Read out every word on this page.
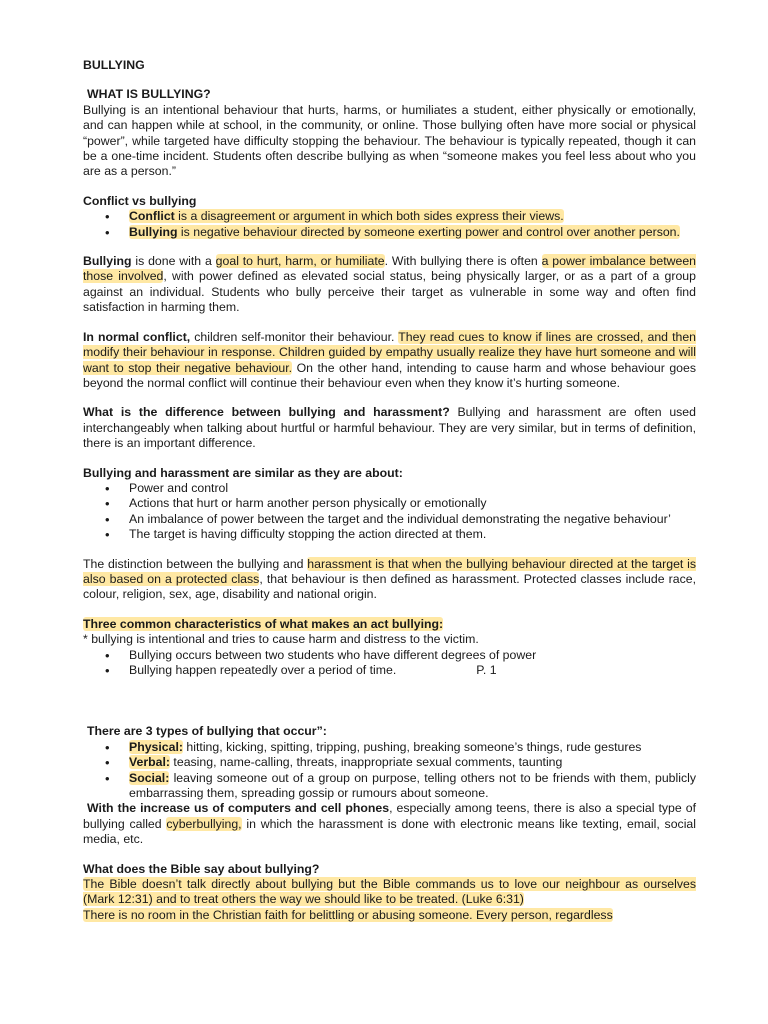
BULLYING

WHAT IS BULLYING?

Bullying is an intentional behaviour that hurts, harms, or humiliates a student, either physically or emotionally, and can happen while at school, in the community, or online. Those bullying often have more social or physical “power”, while targeted have difficulty stopping the behaviour. The behaviour is typically repeated, though it can be a one-time incident. Students often describe bullying as when “someone makes you feel less about who you are as a person.”

Conflict vs bullying

• Conflict is a disagreement or argument in which both sides express their views.
• Bullying is negative behaviour directed by someone exerting power and control over another person.

Bullying is done with a goal to hurt, harm, or humiliate. With bullying there is often a power imbalance between those involved, with power defined as elevated social status, being physically larger, or as a part of a group against an individual. Students who bully perceive their target as vulnerable in some way and often find satisfaction in harming them.

In normal conflict, children self-monitor their behaviour. They read cues to know if lines are crossed, and then modify their behaviour in response. Children guided by empathy usually realize they have hurt someone and will want to stop their negative behaviour. On the other hand, intending to cause harm and whose behaviour goes beyond the normal conflict will continue their behaviour even when they know it’s hurting someone.

What is the difference between bullying and harassment? Bullying and harassment are often used interchangeably when talking about hurtful or harmful behaviour. They are very similar, but in terms of definition, there is an important difference.

Bullying and harassment are similar as they are about:

• Power and control
• Actions that hurt or harm another person physically or emotionally
• An imbalance of power between the target and the individual demonstrating the negative behaviour’
• The target is having difficulty stopping the action directed at them.

The distinction between the bullying and harassment is that when the bullying behaviour directed at the target is also based on a protected class, that behaviour is then defined as harassment. Protected classes include race, colour, religion, sex, age, disability and national origin.

Three common characteristics of what makes an act bullying:

* bullying is intentional and tries to cause harm and distress to the victim.

• Bullying occurs between two students who have different degrees of power
• Bullying happen repeatedly over a period of time.	P. 1

There are 3 types of bullying that occur”:

• Physical: hitting, kicking, spitting, tripping, pushing, breaking someone’s things, rude gestures
• Verbal: teasing, name-calling, threats, inappropriate sexual comments, taunting
• Social: leaving someone out of a group on purpose, telling others not to be friends with them, publicly embarrassing them, spreading gossip or rumours about someone.

With the increase us of computers and cell phones, especially among teens, there is also a special type of bullying called cyberbullying, in which the harassment is done with electronic means like texting, email, social media, etc.

What does the Bible say about bullying?

The Bible doesn’t talk directly about bullying but the Bible commands us to love our neighbour as ourselves (Mark 12:31) and to treat others the way we should like to be treated. (Luke 6:31)

There is no room in the Christian faith for belittling or abusing someone. Every person, regardless
